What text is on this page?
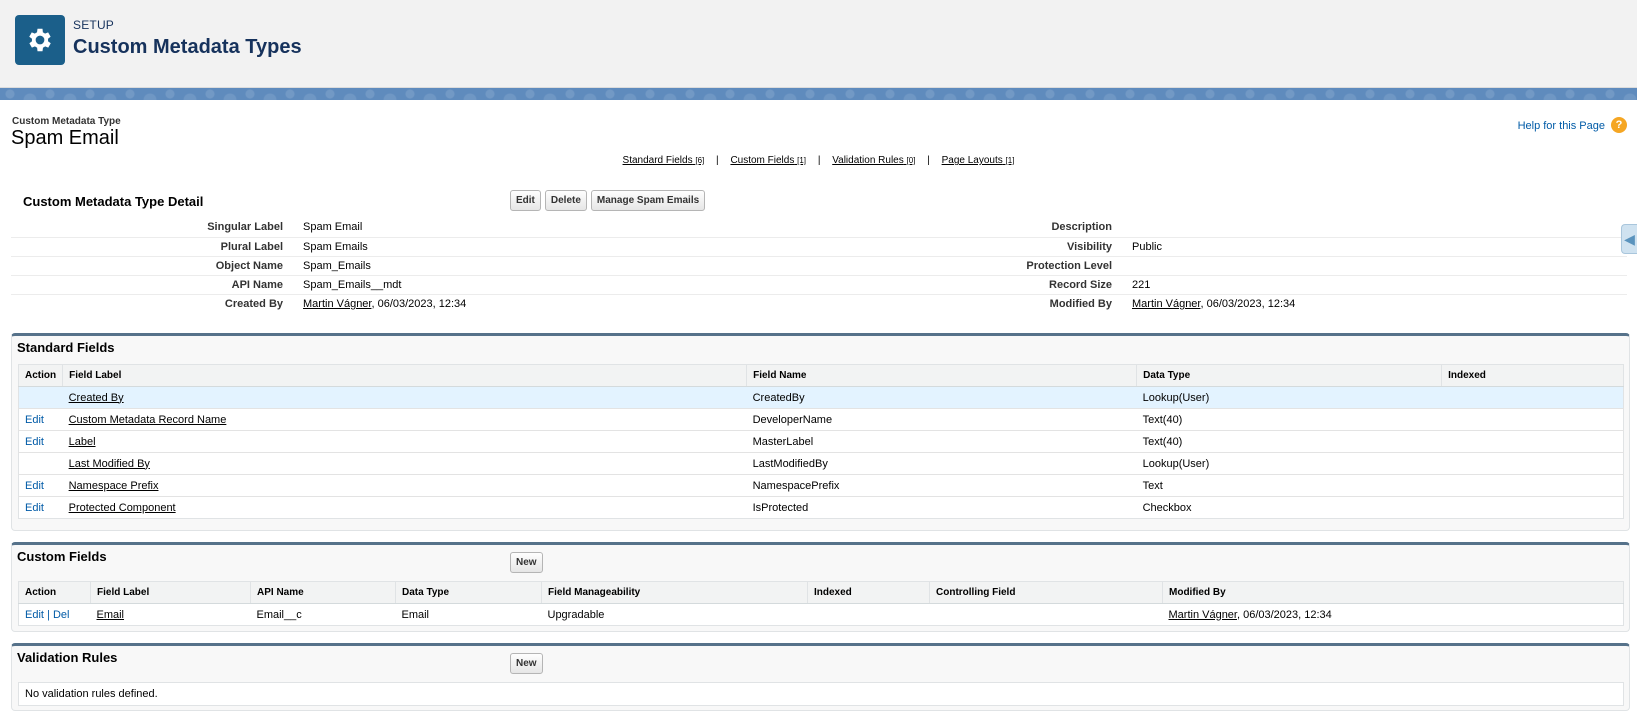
SETUP
Custom Metadata Types
Custom Metadata Type
Spam Email
Help for this Page ?
Standard Fields [6] | Custom Fields [1] | Validation Rules [0] | Page Layouts [1]
Custom Metadata Type Detail	Edit	Delete	Manage Spam Emails
Singular Label	Spam Email	Description	
Plural Label	Spam Emails	Visibility	Public
Object Name	Spam_Emails	Protection Level	
API Name	Spam_Emails__mdt	Record Size	221
Created By	Martin Vágner, 06/03/2023, 12:34	Modified By	Martin Vágner, 06/03/2023, 12:34
◀
Standard Fields
Action	Field Label	Field Name	Data Type	Indexed
	Created By	CreatedBy	Lookup(User)	
Edit	Custom Metadata Record Name	DeveloperName	Text(40)	
Edit	Label	MasterLabel	Text(40)	
	Last Modified By	LastModifiedBy	Lookup(User)	
Edit	Namespace Prefix	NamespacePrefix	Text	
Edit	Protected Component	IsProtected	Checkbox	
Custom Fields	New
Action	Field Label	API Name	Data Type	Field Manageability	Indexed	Controlling Field	Modified By
Edit | Del	Email	Email__c	Email	Upgradable			Martin Vágner, 06/03/2023, 12:34
Validation Rules	New
No validation rules defined.
